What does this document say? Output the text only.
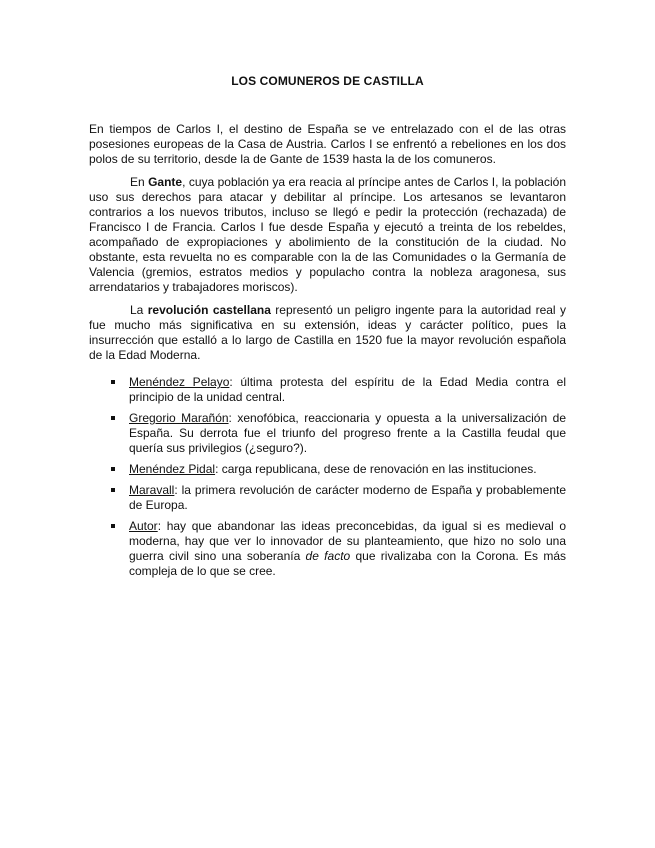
LOS COMUNEROS DE CASTILLA

En tiempos de Carlos I, el destino de España se ve entrelazado con el de las otras posesiones europeas de la Casa de Austria. Carlos I se enfrentó a rebeliones en los dos polos de su territorio, desde la de Gante de 1539 hasta la de los comuneros.

En Gante, cuya población ya era reacia al príncipe antes de Carlos I, la población uso sus derechos para atacar y debilitar al príncipe. Los artesanos se levantaron contrarios a los nuevos tributos, incluso se llegó e pedir la protección (rechazada) de Francisco I de Francia. Carlos I fue desde España y ejecutó a treinta de los rebeldes, acompañado de expropiaciones y abolimiento de la constitución de la ciudad. No obstante, esta revuelta no es comparable con la de las Comunidades o la Germanía de Valencia (gremios, estratos medios y populacho contra la nobleza aragonesa, sus arrendatarios y trabajadores moriscos).

La revolución castellana representó un peligro ingente para la autoridad real y fue mucho más significativa en su extensión, ideas y carácter político, pues la insurrección que estalló a lo largo de Castilla en 1520 fue la mayor revolución española de la Edad Moderna.

Menéndez Pelayo: última protesta del espíritu de la Edad Media contra el principio de la unidad central.
Gregorio Marañón: xenofóbica, reaccionaria y opuesta a la universalización de España. Su derrota fue el triunfo del progreso frente a la Castilla feudal que quería sus privilegios (¿seguro?).
Menéndez Pidal: carga republicana, dese de renovación en las instituciones.
Maravall: la primera revolución de carácter moderno de España y probablemente de Europa.
Autor: hay que abandonar las ideas preconcebidas, da igual si es medieval o moderna, hay que ver lo innovador de su planteamiento, que hizo no solo una guerra civil sino una soberanía de facto que rivalizaba con la Corona. Es más compleja de lo que se cree.
